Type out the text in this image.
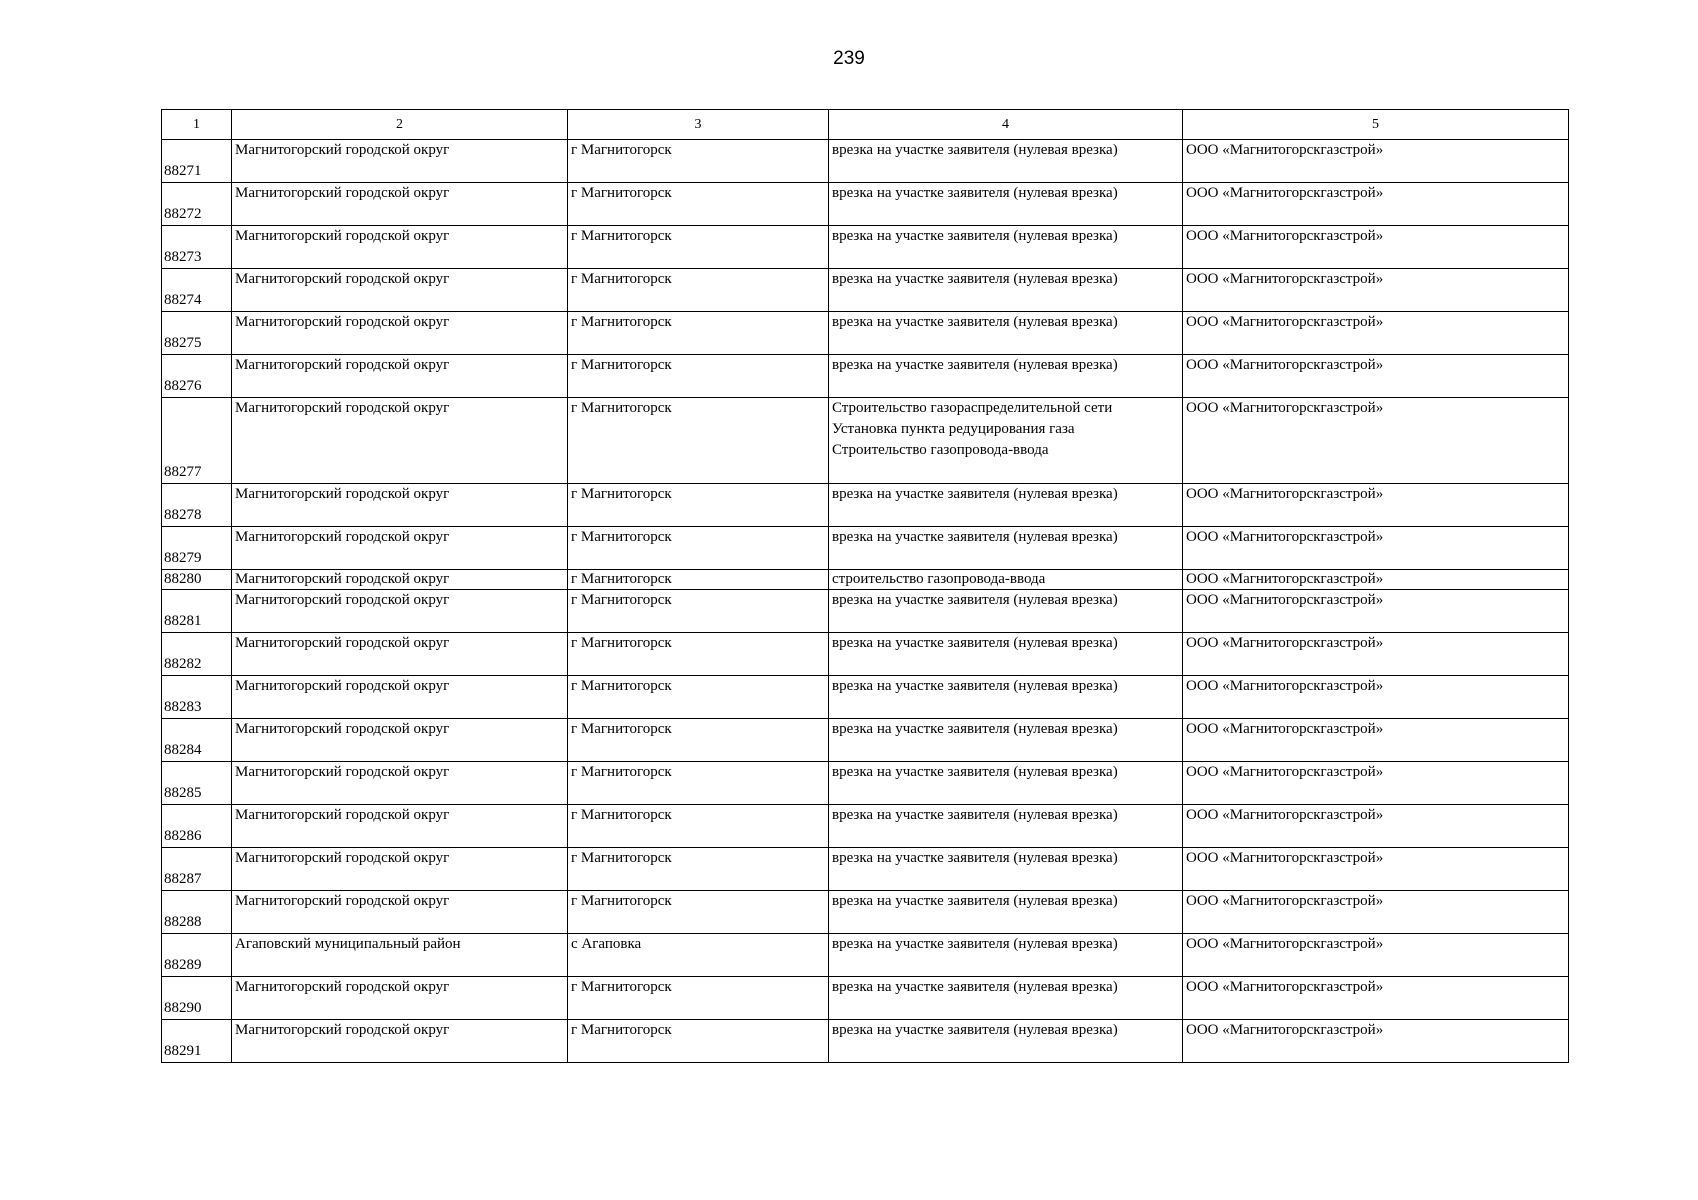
239
1	2	3	4	5
88271	Магнитогорский городской округ	г Магнитогорск	врезка на участке заявителя (нулевая врезка)	ООО «Магнитогорскгазстрой»
88272	Магнитогорский городской округ	г Магнитогорск	врезка на участке заявителя (нулевая врезка)	ООО «Магнитогорскгазстрой»
88273	Магнитогорский городской округ	г Магнитогорск	врезка на участке заявителя (нулевая врезка)	ООО «Магнитогорскгазстрой»
88274	Магнитогорский городской округ	г Магнитогорск	врезка на участке заявителя (нулевая врезка)	ООО «Магнитогорскгазстрой»
88275	Магнитогорский городской округ	г Магнитогорск	врезка на участке заявителя (нулевая врезка)	ООО «Магнитогорскгазстрой»
88276	Магнитогорский городской округ	г Магнитогорск	врезка на участке заявителя (нулевая врезка)	ООО «Магнитогорскгазстрой»
88277	Магнитогорский городской округ	г Магнитогорск	Строительство газораспределительной сети
Установка пункта редуцирования газа
Строительство газопровода-ввода	ООО «Магнитогорскгазстрой»
88278	Магнитогорский городской округ	г Магнитогорск	врезка на участке заявителя (нулевая врезка)	ООО «Магнитогорскгазстрой»
88279	Магнитогорский городской округ	г Магнитогорск	врезка на участке заявителя (нулевая врезка)	ООО «Магнитогорскгазстрой»
88280	Магнитогорский городской округ	г Магнитогорск	строительство газопровода-ввода	ООО «Магнитогорскгазстрой»
88281	Магнитогорский городской округ	г Магнитогорск	врезка на участке заявителя (нулевая врезка)	ООО «Магнитогорскгазстрой»
88282	Магнитогорский городской округ	г Магнитогорск	врезка на участке заявителя (нулевая врезка)	ООО «Магнитогорскгазстрой»
88283	Магнитогорский городской округ	г Магнитогорск	врезка на участке заявителя (нулевая врезка)	ООО «Магнитогорскгазстрой»
88284	Магнитогорский городской округ	г Магнитогорск	врезка на участке заявителя (нулевая врезка)	ООО «Магнитогорскгазстрой»
88285	Магнитогорский городской округ	г Магнитогорск	врезка на участке заявителя (нулевая врезка)	ООО «Магнитогорскгазстрой»
88286	Магнитогорский городской округ	г Магнитогорск	врезка на участке заявителя (нулевая врезка)	ООО «Магнитогорскгазстрой»
88287	Магнитогорский городской округ	г Магнитогорск	врезка на участке заявителя (нулевая врезка)	ООО «Магнитогорскгазстрой»
88288	Магнитогорский городской округ	г Магнитогорск	врезка на участке заявителя (нулевая врезка)	ООО «Магнитогорскгазстрой»
88289	Агаповский муниципальный район	с Агаповка	врезка на участке заявителя (нулевая врезка)	ООО «Магнитогорскгазстрой»
88290	Магнитогорский городской округ	г Магнитогорск	врезка на участке заявителя (нулевая врезка)	ООО «Магнитогорскгазстрой»
88291	Магнитогорский городской округ	г Магнитогорск	врезка на участке заявителя (нулевая врезка)	ООО «Магнитогорскгазстрой»
